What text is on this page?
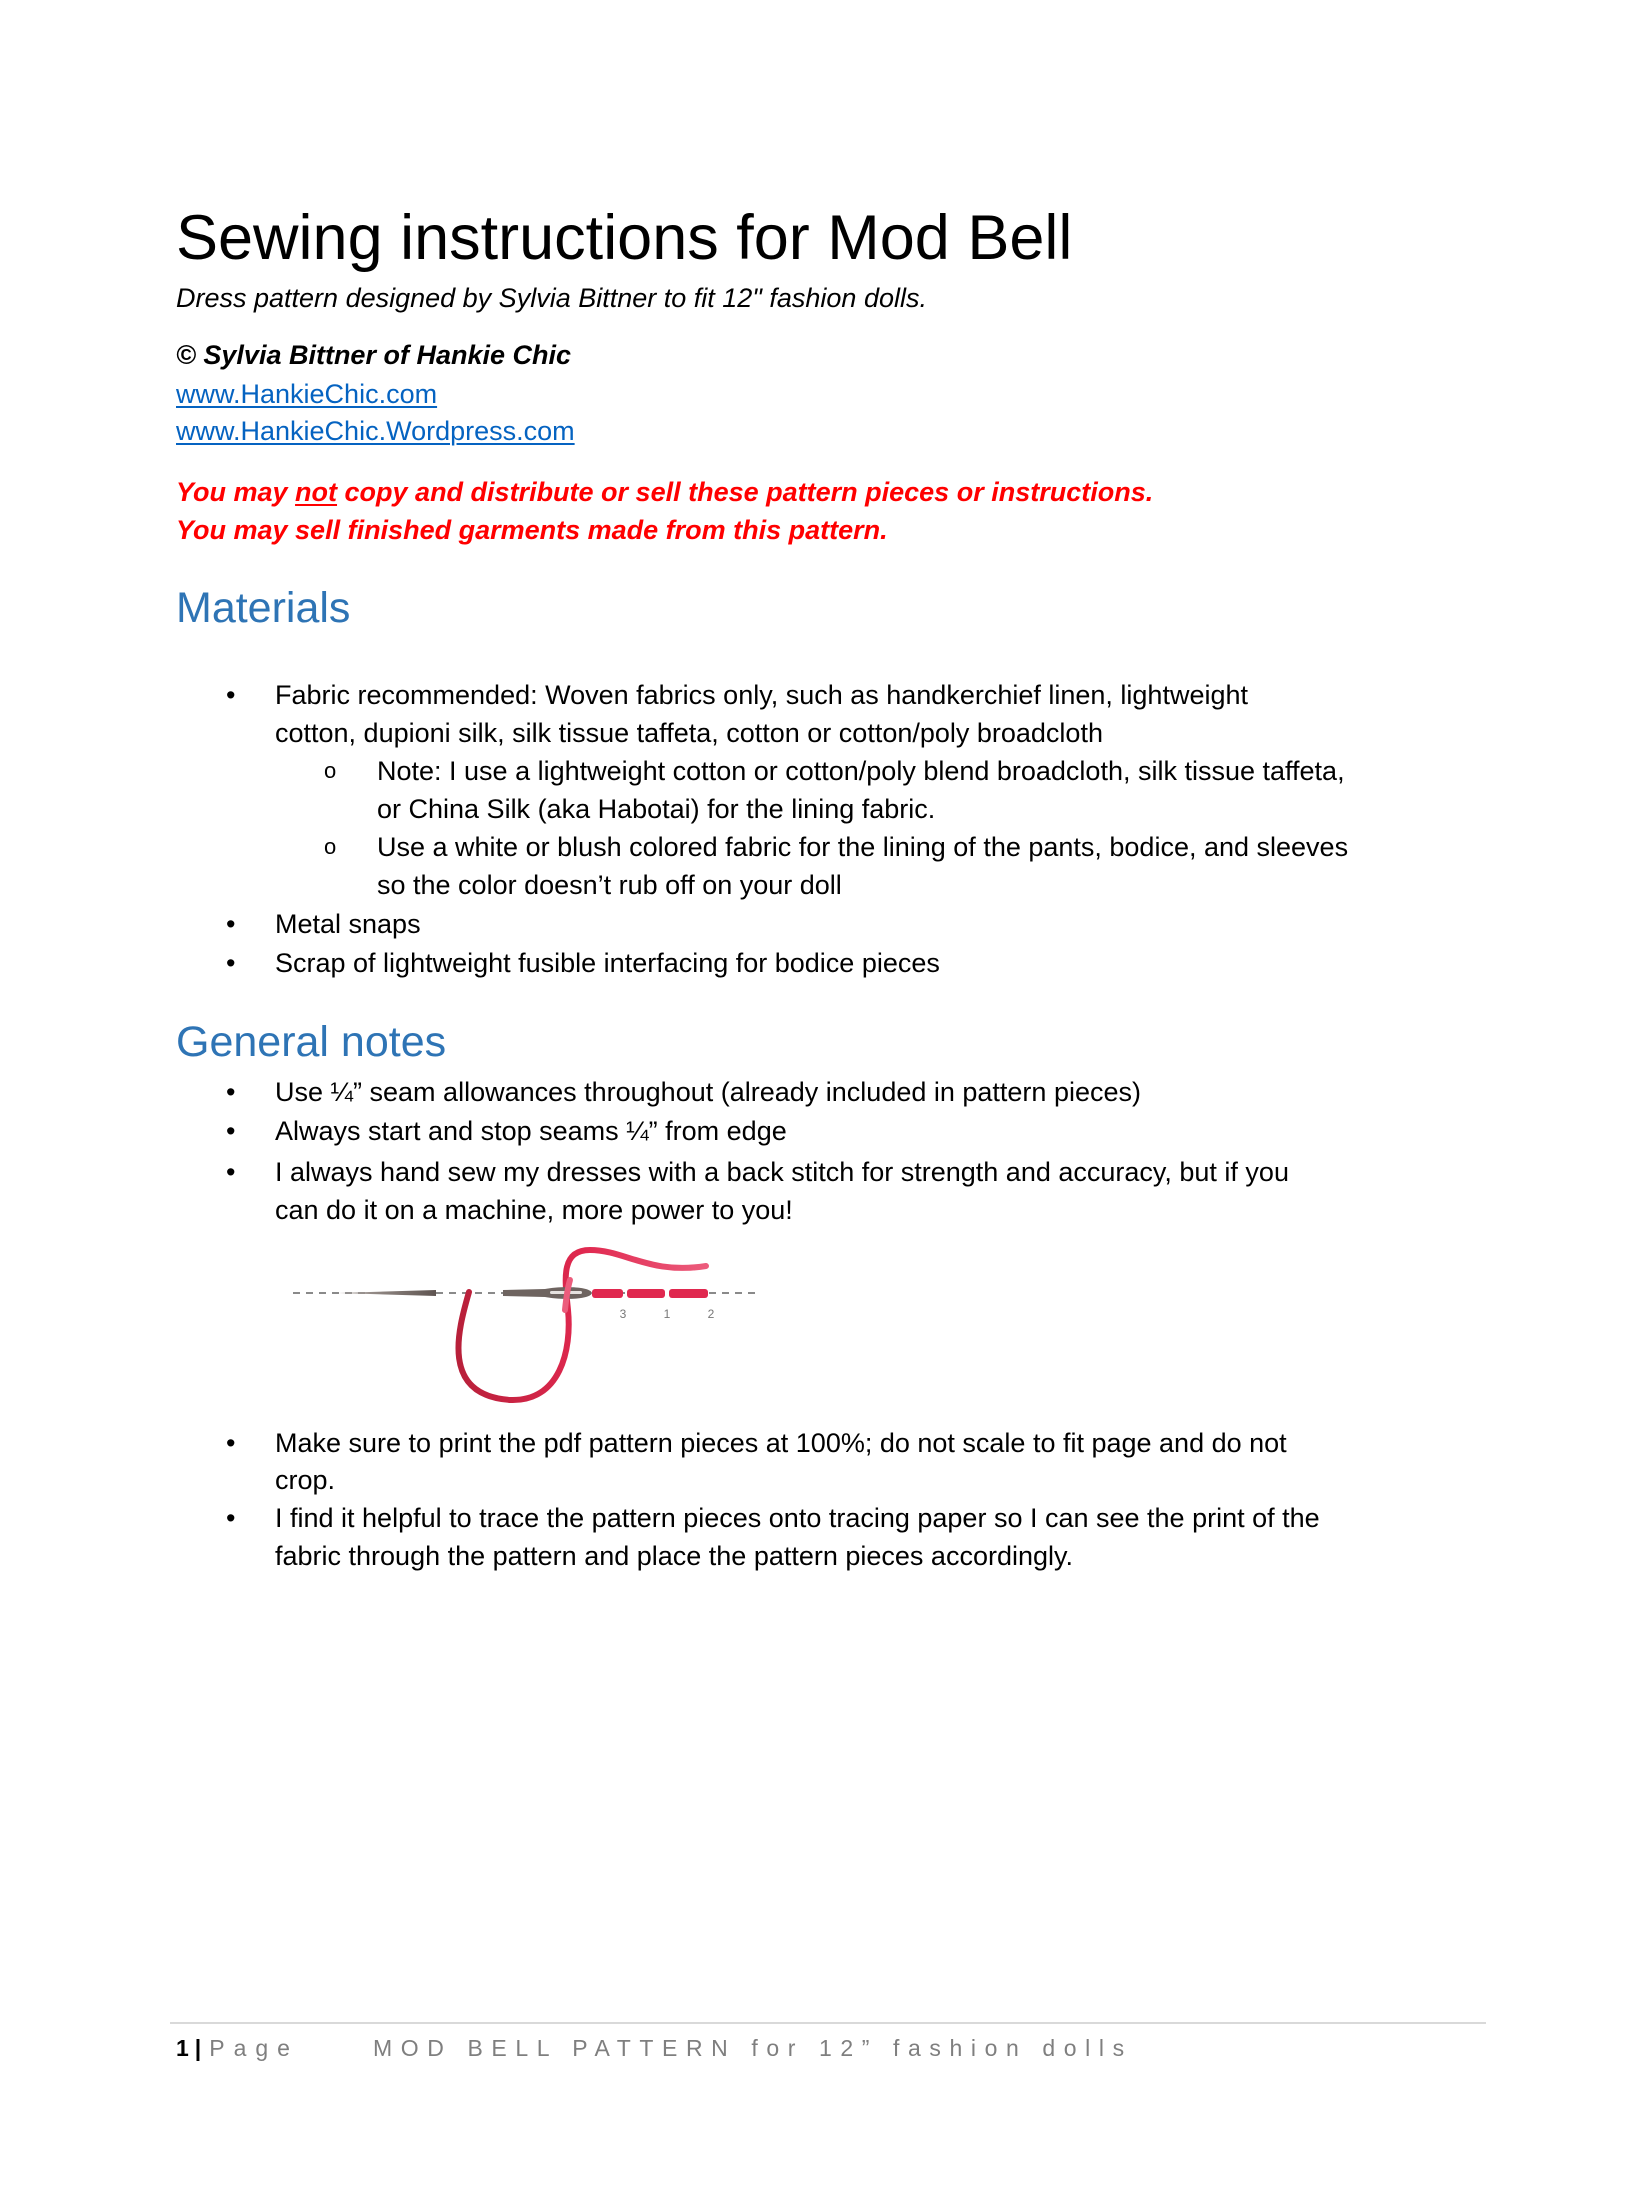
Sewing instructions for Mod Bell
Dress pattern designed by Sylvia Bittner to fit 12" fashion dolls.
© Sylvia Bittner of Hankie Chic
www.HankieChic.com
www.HankieChic.Wordpress.com
You may not copy and distribute or sell these pattern pieces or instructions.
You may sell finished garments made from this pattern.
Materials
• Fabric recommended: Woven fabrics only, such as handkerchief linen, lightweight
cotton, dupioni silk, silk tissue taffeta, cotton or cotton/poly broadcloth
o Note: I use a lightweight cotton or cotton/poly blend broadcloth, silk tissue taffeta,
or China Silk (aka Habotai) for the lining fabric.
o Use a white or blush colored fabric for the lining of the pants, bodice, and sleeves
so the color doesn’t rub off on your doll
• Metal snaps
• Scrap of lightweight fusible interfacing for bodice pieces
General notes
• Use ¼” seam allowances throughout (already included in pattern pieces)
• Always start and stop seams ¼” from edge
• I always hand sew my dresses with a back stitch for strength and accuracy, but if you
can do it on a machine, more power to you!
3	1	2
• Make sure to print the pdf pattern pieces at 100%; do not scale to fit page and do not
crop.
• I find it helpful to trace the pattern pieces onto tracing paper so I can see the print of the
fabric through the pattern and place the pattern pieces accordingly.
1 | Page	MOD BELL PATTERN for 12” fashion dolls
